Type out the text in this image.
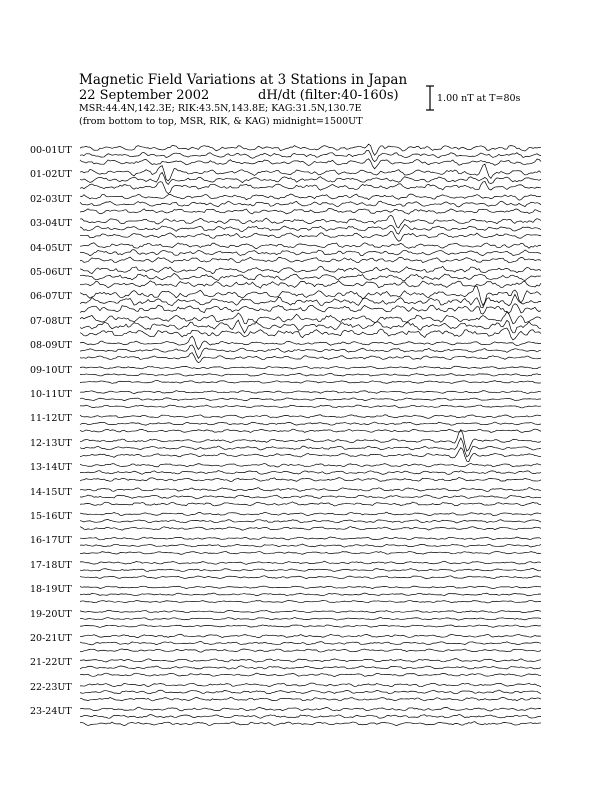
Magnetic Field Variations at 3 Stations in Japan
22 September 2002	dH/dt (filter:40-160s)
MSR:44.4N,142.3E; RIK:43.5N,143.8E; KAG:31.5N,130.7E
(from bottom to top, MSR, RIK, & KAG) midnight=1500UT
1.00 nT at T=80s
00-01UT
01-02UT
02-03UT
03-04UT
04-05UT
05-06UT
06-07UT
07-08UT
08-09UT
09-10UT
10-11UT
11-12UT
12-13UT
13-14UT
14-15UT
15-16UT
16-17UT
17-18UT
18-19UT
19-20UT
20-21UT
21-22UT
22-23UT
23-24UT
